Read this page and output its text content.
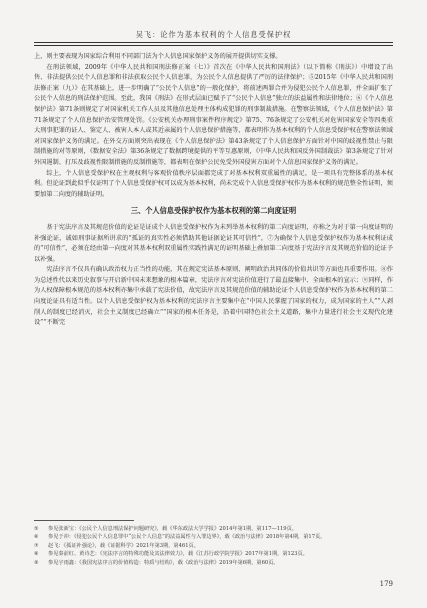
吴飞：论作为基本权利的个人信息受保护权

上，则主要表现为国家综合利用不同部门法为个人信息国家保护义务的展开提供切实支撑。

在刑法领域，2009年《中华人民共和国刑法修正案（七）》首次在《中华人民共和国刑法》（以下简称《刑法》）中增设了出售、非法提供公民个人信息罪和非法获取公民个人信息罪，为公民个人信息提供了严厉的法律保护；⑤2015年《中华人民共和国刑法修正案（九）》在其基础上，进一步明确了“公民个人信息”的一般化保护，将前述两罪合并为侵犯公民个人信息罪，并全面扩张了公民个人信息的刑法保护范围。至此，我国《刑法》在形式层面已赋予了“公民个人信息”独立的法益属性和法律地位；⑥《个人信息保护法》第71条则规定了对国家机关工作人员及其他信息处理主体构成犯罪的刑事制裁措施。在警察法领域，《个人信息保护法》第71条规定了个人信息保护治安管理处罚。《公安机关办理刑事案件程序规定》第75、76条规定了公安机关对危害国家安全等四类重大刑事犯罪的证人、鉴定人、被害人本人或其近亲属的个人信息保护措施等，都表明作为基本权利的个人信息受保护权在警察法领域对国家保护义务的满足。在外交方面则突出表现在《个人信息保护法》第43条规定了个人信息保护方面针对中国的歧视性禁止与限制措施的对等原则，《数据安全法》第36条规定了数据跨境提供的平等互惠原则，《中华人民共和国反外国制裁法》第3条规定了针对外国遏制、打压及歧视性限制措施的反制措施等，都表明在保护公民免受外国侵害方面对个人信息国家保护义务的满足。

综上，个人信息受保护权在主观权利与客观价值秩序层面都完成了对基本权利双重属性的满足，是一项具有完整体系的基本权利。但论证到此似乎仅证明了个人信息受保护权可以成为基本权利，尚未完成个人信息受保护权作为基本权利的规范整全性证明，须要加第二向度的辅助证明。

三、个人信息受保护权作为基本权利的第二向度证明

基于宪法序言及其规范价值的论证是证成个人信息受保护权作为未列举基本权利的第二向度证明，亦称之为对于第一向度证明的补强论证，诚如刑事证据所讲求的“孤证的真实性必须借助其他证据论证其可信性”，⑦为确保个人信息受保护权作为基本权利证成的“可信性”，必须在经由第一向度对其基本权利双重属性实践性满足的证明基础上叠加第二向度基于宪法序言及其规范价值的论证予以补强。

宪法序言不仅具有确认政治权力正当性的功能，其在规定宪法基本原则、阐明政治共同体的价值共识等方面也具重要作用。⑧作为总述性代以来历史叙事与开启新中国未来想象的根本篇章，宪法序言对宪法价值进行了最直接集中、全面根本的宣示；⑨同样，作为人权保障根本规范的基本权利亦集中承载了宪法价值，故宪法序言及其规范价值的辅助论证个人信息受保护权作为基本权利的第二向度论证具有适当性。以个人信息受保护权为基本权利的宪法序言主要集中在“中国人民掌握了国家的权力，成为国家的主人”“人剥削人的制度已经消灭，社会主义制度已经确立”“国家的根本任务是，沿着中国特色社会主义道路，集中力量进行社会主义现代化建设”“不断完

⑤	参见张新宝：《公民个人信息刑法保护问题研究》，载《华东政法大学学报》2014年第1期，第117—119页。
⑥	参见于冲：《侵犯公民个人信息罪中“公民个人信息”的法益属性与入罪边界》，载《政治与法律》2018年第4期，第17页。
⑦	赵飞：《孤证补强论》，载《证据科学》2021年第3期，第461页。
⑧	参见秦前红、黄诗艺：《宪法序言的特殊功能及其法律效力》，载《江苏行政学院学报》2017年第1期，第123页。
⑨	参见宇雨鑫：《我国宪法序言的价值构造：特质与结构》，载《政治与法律》2019年第6期，第60页。
179
